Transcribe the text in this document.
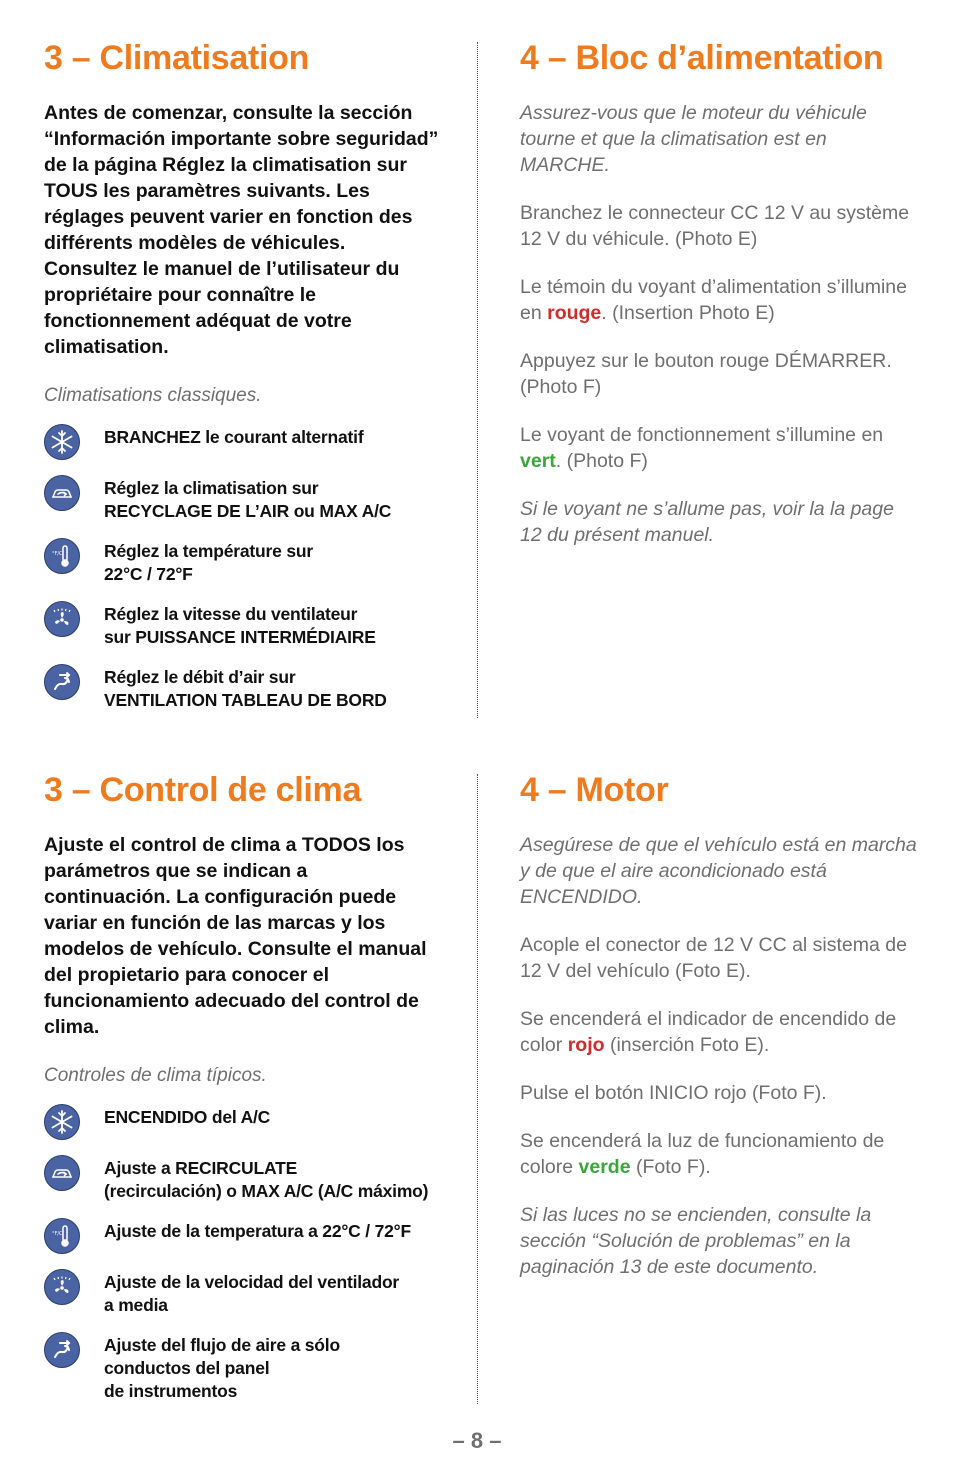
3 – Climatisation

Antes de comenzar, consulte la sección “Información importante sobre seguridad” de la página Réglez la climatisation sur TOUS les paramètres suivants. Les réglages peuvent varier en fonction des différents modèles de véhicules. Consultez le manuel de l’utilisateur du propriétaire pour connaître le fonctionnement adéquat de votre climatisation.

Climatisations classiques.

BRANCHEZ le courant alternatif
Réglez la climatisation sur
RECYCLAGE DE L’AIR ou MAX A/C
°F/C Réglez la température sur
22°C / 72°F
Réglez la vitesse du ventilateur
sur PUISSANCE INTERMÉDIAIRE
Réglez le débit d’air sur
VENTILATION TABLEAU DE BORD
4 – Bloc d’alimentation

Assurez-vous que le moteur du véhicule tourne et que la climatisation est en MARCHE.

Branchez le connecteur CC 12 V au système 12 V du véhicule. (Photo E)

Le témoin du voyant d’alimentation s’illumine en rouge. (Insertion Photo E)

Appuyez sur le bouton rouge DÉMARRER. (Photo F)

Le voyant de fonctionnement s’illumine en vert. (Photo F)

Si le voyant ne s’allume pas, voir la la page 12 du présent manuel.

3 – Control de clima

Ajuste el control de clima a TODOS los parámetros que se indican a continuación. La configuración puede variar en función de las marcas y los modelos de vehículo. Consulte el manual del propietario para conocer el funcionamiento adecuado del control de clima.

Controles de clima típicos.

ENCENDIDO del A/C
Ajuste a RECIRCULATE
(recirculación) o MAX A/C (A/C máximo)
°F/C Ajuste de la temperatura a 22°C / 72°F
Ajuste de la velocidad del ventilador
a media
Ajuste del flujo de aire a sólo
conductos del panel
de instrumentos
4 – Motor

Asegúrese de que el vehículo está en marcha y de que el aire acondicionado está ENCENDIDO.

Acople el conector de 12 V CC al sistema de 12 V del vehículo (Foto E).

Se encenderá el indicador de encendido de color rojo (inserción Foto E).

Pulse el botón INICIO rojo (Foto F).

Se encenderá la luz de funcionamiento de colore verde (Foto F).

Si las luces no se encienden, consulte la sección “Solución de problemas” en la paginación 13 de este documento.

– 8 –
